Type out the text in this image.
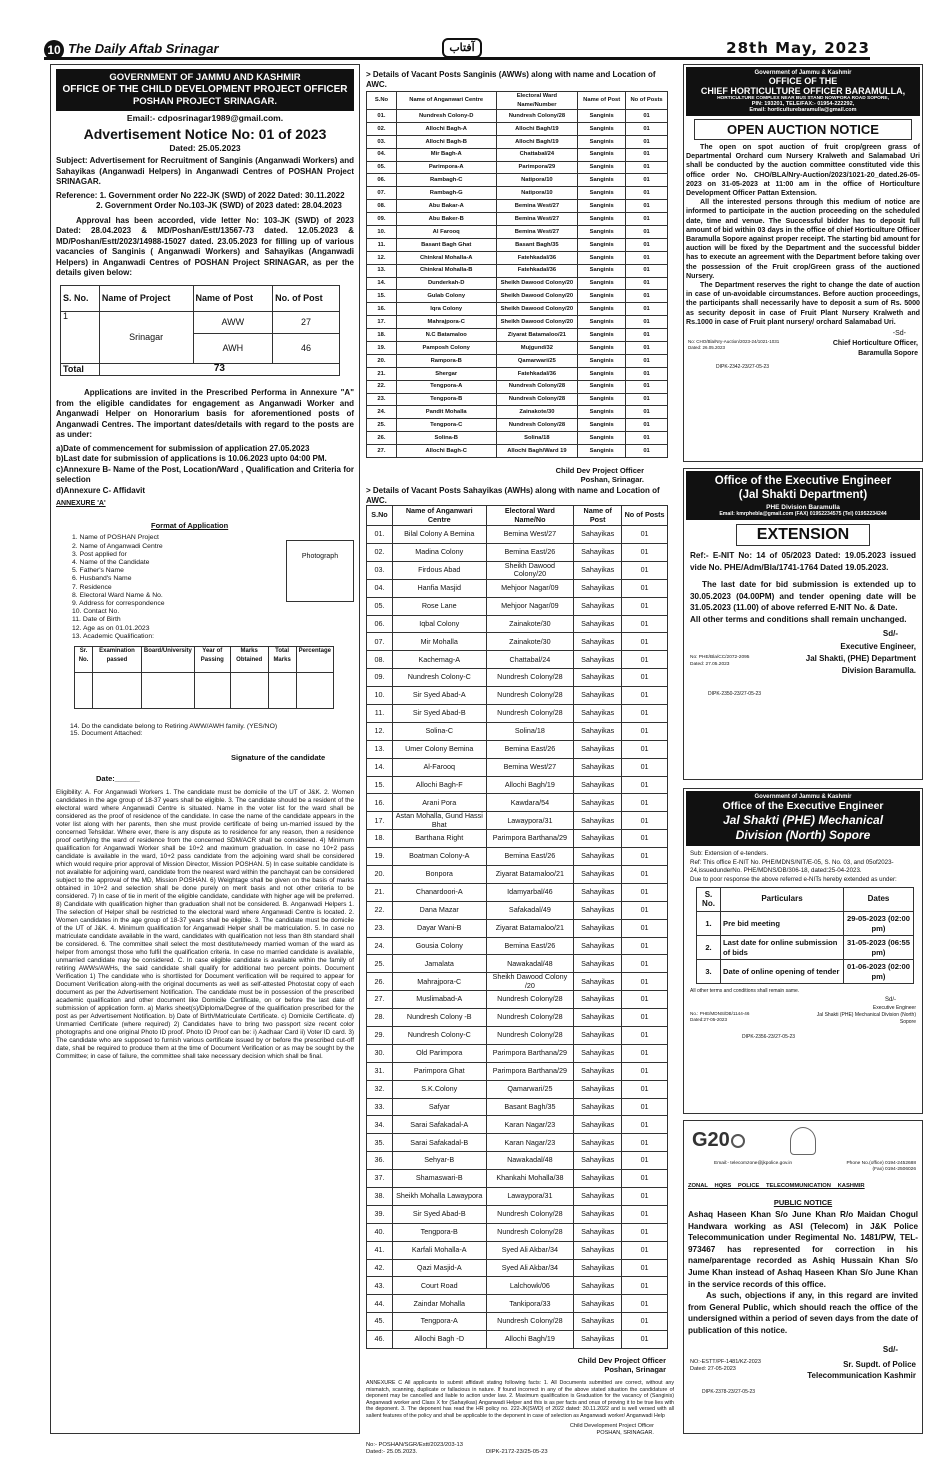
10 The Daily Aftab Srinagar	آفتاب	28th May, 2023
GOVERNMENT OF JAMMU AND KASHMIR
OFFICE OF THE CHILD DEVELOPMENT PROJECT OFFICER
POSHAN PROJECT SRINAGAR.
Email:- cdposrinagar1989@gmail.com.
Advertisement Notice No: 01 of 2023
Dated: 25.05.2023
Subject: Advertisement for Recruitment of Sanginis (Anganwadi Workers) and Sahayikas (Anganwadi Helpers) in Anganwadi Centres of POSHAN Project SRINAGAR.
Reference: 1. Government order No 222-JK (SWD) of 2022 Dated: 30.11.2022
2. Government Order No.103-JK (SWD) of 2023 dated: 28.04.2023
Approval has been accorded, vide letter No: 103-JK (SWD) of 2023 Dated: 28.04.2023 & MD/Poshan/Estt/13567-73 dated. 12.05.2023 & MD/Poshan/Estt/2023/14988-15027 dated. 23.05.2023 for filling up of various vacancies of Sanginis ( Anganwadi Workers) and Sahayikas (Anganwadi Helpers) in Anganwadi Centres of POSHAN Project SRINAGAR, as per the details given below:
S. No.	Name of Project	Name of Post	No. of Post
1	Srinagar	AWW	27
		AWH	46
Total	73		
Applications are invited in the Prescribed Performa in Annexure "A" from the eligible candidates for engagement as Anganwadi Worker and Anganwadi Helper on Honorarium basis for aforementioned posts of Anganwadi Centres. The important dates/details with regard to the posts are as under:
a)Date of commencement for submission of application 27.05.2023
b)Last date for submission of applications is 10.06.2023 upto 04:00 PM.
c)Annexure B- Name of the Post, Location/Ward , Qualification and Criteria for selection
d)Annexure C- Affidavit
ANNEXURE 'A'
Format of Application
1. Name of POSHAN Project
2. Name of Anganwadi Centre
3. Post applied for
4. Name of the Candidate
5. Father's Name
6. Husband's Name
7. Residence
8. Electoral Ward Name & No.
9. Address for correspondence
10. Contact No.
11. Date of Birth
12. Age as on 01.01.2023
13. Academic Qualification:
Photograph
Sr. No.	Examination passed	Board/University	Year of Passing	Marks Obtained	Total Marks	Percentage

14. Do the candidate belong to Retiring AWW/AWH family. (YES/NO)
15. Document Attached:
Signature of the candidate
Date:______
Eligibility: A. For Anganwadi Workers 1. The candidate must be domicile of the UT of J&K. 2. Women candidates in the age group of 18-37 years shall be eligible. 3. The candidate should be a resident of the electoral ward where Anganwadi Centre is situated. Name in the voter list for the ward shall be considered as the proof of residence of the candidate. In case the name of the candidate appears in the voter list along with her parents, then she must provide certificate of being un-married issued by the concerned Tehsildar. Where ever, there is any dispute as to residence for any reason, then a residence proof certifying the ward of residence from the concerned SDM/ACR shall be considered. 4) Minimum qualification for Anganwadi Worker shall be 10+2 and maximum graduation. In case no 10+2 pass candidate is available in the ward, 10+2 pass candidate from the adjoining ward shall be considered which would require prior approval of Mission Director, Mission POSHAN. 5) In case suitable candidate is not available for adjoining ward, candidate from the nearest ward within the panchayat can be considered subject to the approval of the MD, Mission POSHAN. 6) Weightage shall be given on the basis of marks obtained in 10+2 and selection shall be done purely on merit basis and not other criteria to be considered. 7) In case of tie in merit of the eligible candidate, candidate with higher age will be preferred. 8) Candidate with qualification higher than graduation shall not be considered. B. Anganwadi Helpers 1. The selection of Helper shall be restricted to the electoral ward where Anganwadi Centre is located. 2. Women candidates in the age group of 18-37 years shall be eligible. 3. The candidate must be domicile of the UT of J&K. 4. Minimum qualification for Anganwadi Helper shall be matriculation. 5. In case no matriculate candidate available in the ward, candidates with qualification not less than 8th standard shall be considered. 6. The committee shall select the most destitute/needy married woman of the ward as helper from amongst those who fulfil the qualification criteria. In case no married candidate is available, unmarried candidate may be considered. C. In case eligible candidate is available within the family of retiring AWWs/AWHs, the said candidate shall qualify for additional two percent points. Document Verification 1) The candidate who is shortlisted for Document verification will be required to appear for Document Verification along-with the original documents as well as self-attested Photostat copy of each document as per the Advertisement Notification. The candidate must be in possession of the prescribed academic qualification and other document like Domicile Certificate, on or before the last date of submission of application form. a) Marks sheet(s)/Diploma/Degree of the qualification prescribed for the post as per Advertisement Notification. b) Date of Birth/Matriculate Certificate. c) Domicile Certificate. d) Unmarried Certificate (where required) 2) Candidates have to bring two passport size recent color photographs and one original Photo ID proof. Photo ID Proof can be: i) Aadhaar Card ii) Voter ID card. 3) The candidate who are supposed to furnish various certificate issued by or before the prescribed cut-off date, shall be required to produce them at the time of Document Verification or as may be sought by the Committee; in case of failure, the committee shall take necessary decision which shall be final.
> Details of Vacant Posts Sanginis (AWWs) along with name and Location of AWC.
S.No	Name of Anganwari Centre	Electoral Ward Name/Number	Name of Post	No of Posts
01.	Nundresh Colony-D	Nundresh Colony/28	Sanginis	01
02.	Allochi Bagh-A	Allochi Bagh/19	Sanginis	01
03.	Allochi Bagh-B	Allochi Bagh/19	Sanginis	01
04.	Mir Bagh-A	Chattabal/24	Sanginis	01
05.	Parimpora-A	Parimpora/29	Sanginis	01
06.	Rambagh-C	Natipora/10	Sanginis	01
07.	Rambagh-G	Natipora/10	Sanginis	01
08.	Abu Bakar-A	Bemina West/27	Sanginis	01
09.	Abu Baker-B	Bemina West/27	Sanginis	01
10.	Al Farooq	Bemina West/27	Sanginis	01
11.	Basant Bagh Ghat	Basant Bagh/35	Sanginis	01
12.	Chinkral Mohalla-A	Fatehkadal/36	Sanginis	01
13.	Chinkral Mohalla-B	Fatehkadal/36	Sanginis	01
14.	Dunderkah-D	Sheikh Dawood Colony/20	Sanginis	01
15.	Gulab Colony	Sheikh Dawood Colony/20	Sanginis	01
16.	Iqra Colony	Sheikh Dawood Colony/20	Sanginis	01
17.	Mahrajpora-C	Sheikh Dawood Colony/20	Sanginis	01
18.	N.C Batamaloo	Ziyarat Batamaloo/21	Sanginis	01
19.	Pamposh Colony	Mujgund/32	Sanginis	01
20.	Rampora-B	Qamarwari/25	Sanginis	01
21.	Shergar	Fatehkadal/36	Sanginis	01
22.	Tengpora-A	Nundresh Colony/28	Sanginis	01
23.	Tengpora-B	Nundresh Colony/28	Sanginis	01
24.	Pandit Mohalla	Zainakote/30	Sanginis	01
25.	Tengpora-C	Nundresh Colony/28	Sanginis	01
26.	Solina-B	Solina/18	Sanginis	01
27.	Allochi Bagh-C	Allochi Bagh/Ward 19	Sanginis	01
Child Dev Project Officer
Poshan, Srinagar.
> Details of Vacant Posts Sahayikas (AWHs) along with name and Location of AWC.
S.No	Name of Anganwari Centre	Electoral Ward Name/No	Name of Post	No of Posts
01.	Bilal Colony A Bemina	Bemina West/27	Sahayikas	01
02.	Madina Colony	Bemina East/26	Sahayikas	01
03.	Firdous Abad	Sheikh Dawood Colony/20	Sahayikas	01
04.	Hanfia Masjid	Mehjoor Nagar/09	Sahayikas	01
05.	Rose Lane	Mehjoor Nagar/09	Sahayikas	01
06.	Iqbal Colony	Zainakote/30	Sahayikas	01
07.	Mir Mohalla	Zainakote/30	Sahayikas	01
08.	Kachemag-A	Chattabal/24	Sahayikas	01
09.	Nundresh Colony-C	Nundresh Colony/28	Sahayikas	01
10.	Sir Syed Abad-A	Nundresh Colony/28	Sahayikas	01
11.	Sir Syed Abad-B	Nundresh Colony/28	Sahayikas	01
12.	Solina-C	Solina/18	Sahayikas	01
13.	Umer Colony Bemina	Bemina East/26	Sahayikas	01
14.	Al-Farooq	Bemina West/27	Sahayikas	01
15.	Allochi Bagh-F	Allochi Bagh/19	Sahayikas	01
16.	Arani Pora	Kawdara/54	Sahayikas	01
17.	Astan Mohalla, Gund Hassi Bhat	Lawaypora/31	Sahayikas	01
18.	Barthana Right	Parimpora Barthana/29	Sahayikas	01
19.	Boatman Colony-A	Bemina East/26	Sahayikas	01
20.	Bonpora	Ziyarat Batamaloo/21	Sahayikas	01
21.	Chanardoori-A	Idamyarbal/46	Sahayikas	01
22.	Dana Mazar	Safakadal/49	Sahayikas	01
23.	Dayar Wani-B	Ziyarat Batamaloo/21	Sahayikas	01
24.	Gousia Colony	Bemina East/26	Sahayikas	01
25.	Jamalata	Nawakadal/48	Sahayikas	01
26.	Mahrajpora-C	Sheikh Dawood Colony /20	Sahayikas	01
27.	Muslimabad-A	Nundresh Colony/28	Sahayikas	01
28.	Nundresh Colony -B	Nundresh Colony/28	Sahayikas	01
29.	Nundresh Colony-C	Nundresh Colony/28	Sahayikas	01
30.	Old Parimpora	Parimpora Barthana/29	Sahayikas	01
31.	Parimpora Ghat	Parimpora Barthana/29	Sahayikas	01
32.	S.K.Colony	Qamarwari/25	Sahayikas	01
33.	Safyar	Basant Bagh/35	Sahayikas	01
34.	Sarai Safakadal-A	Karan Nagar/23	Sahayikas	01
35.	Sarai Safakadal-B	Karan Nagar/23	Sahayikas	01
36.	Sehyar-B	Nawakadal/48	Sahayikas	01
37.	Shamaswari-B	Khankahi Mohalla/38	Sahayikas	01
38.	Sheikh Mohalla Lawaypora	Lawaypora/31	Sahayikas	01
39.	Sir Syed Abad-B	Nundresh Colony/28	Sahayikas	01
40.	Tengpora-B	Nundresh Colony/28	Sahayikas	01
41.	Karfali Mohalla-A	Syed Ali Akbar/34	Sahayikas	01
42.	Qazi Masjid-A	Syed Ali Akbar/34	Sahayikas	01
43.	Court Road	Lalchowk/06	Sahayikas	01
44.	Zaindar Mohalla	Tankipora/33	Sahayikas	01
45.	Tengpora-A	Nundresh Colony/28	Sahayikas	01
46.	Allochi Bagh -D	Allochi Bagh/19	Sahayikas	01
Child Dev Project Officer
Poshan, Srinagar
ANNEXURE C All applicants to submit affidavit stating following facts: 1. All Documents submitted are correct, without any mismatch, scanning, duplicate or fallacious in nature. If found incorrect in any of the above stated situation the candidature of deponent may be cancelled and liable to action under law. 2. Maximum qualification is Graduation for the vacancy of (Sanginis) Anganwadi worker and Class X for (Sahayikas) Anganwadi Helper and this is as per facts and onus of proving it to be true lies with the deponent. 3. The deponent has read the HR policy no. 222-JK(SWD) of 2022 dated: 30.11.2022 and is well versed with all salient features of the policy and shall be applicable to the deponent in case of selection as Anganwadi worker/ Anganwadi Help
Child Development Project Officer
POSHAN, SRINAGAR.
No:- POSHAN/SGR/Estt/2023/203-13
Dated:- 25.05.2023.	DIPK-2172-23/25-05-23
Government of Jammu & Kashmir
OFFICE OF THE
CHIEF HORTICULTURE OFFICER BARAMULLA,
HORTICULTURE COMPLEX NEAR BUS STAND NOWPORA ROAD SOPORE,
PIN: 193201, TELE/FAX:- 01954-222292,
Email: horticulturebaramulla@gmail.com
OPEN AUCTION NOTICE
The open on spot auction of fruit crop/green grass of Departmental Orchard cum Nursery Kralweth and Salamabad Uri shall be conducted by the auction committee constituted vide this office order No. CHO/BLA/Nry-Auction/2023/1021-20_dated.26-05-2023 on 31-05-2023 at 11:00 am in the office of Horticulture Development Officer Pattan Extension.
All the interested persons through this medium of notice are informed to participate in the auction proceeding on the scheduled date, time and venue. The Successful bidder has to deposit full amount of bid within 03 days in the office of chief Horticulture Officer Baramulla Sopore against proper receipt. The starting bid amount for auction will be fixed by the Department and the successful bidder has to execute an agreement with the Department before taking over the possession of the Fruit crop/Green grass of the auctioned Nursery.
The Department reserves the right to change the date of auction in case of un-avoidable circumstances. Before auction proceedings, the participants shall necessarily have to deposit a sum of Rs. 5000 as security deposit in case of Fruit Plant Nursery Kralweth and Rs.1000 in case of Fruit plant nursery/ orchard Salamabad Uri.
-Sd-
No: CHO/Bla/Nry-Auction/2023-24/1021-1031
Dated: 26.05.2023
Chief Horticulture Officer,
Baramulla Sopore
DIPK-2342-23/27-05-23
Office of the Executive Engineer
(Jal Shakti Department)
PHE Division Baramulla
Email: kmrphebla@gmail.com (FAX) 01952234575 (Tel) 01952234244
EXTENSION
Ref:- E-NIT No: 14 of 05/2023 Dated: 19.05.2023 issued vide No. PHE/Adm/Bla/1741-1764 Dated 19.05.2023.
The last date for bid submission is extended up to 30.05.2023 (04.00PM) and tender opening date will be 31.05.2023 (11.00) of above referred E-NIT No. & Date.
All other terms and conditions shall remain unchanged.
Sd/-
No: PHE/Bla/CC/2072-2095
Dated: 27.05.2023
Executive Engineer,
Jal Shakti, (PHE) Department
Division Baramulla.
DIPK-2350-23/27-05-23
Government of Jammu & Kashmir
Office of the Executive Engineer
Jal Shakti (PHE) Mechanical
Division (North) Sopore
Sub: Extension of e-tenders.
Ref: This office E-NIT No. PHE/MDNS/NIT/E-05, S. No. 03, and 05of2023-24,issuedunderNo. PHE/MDNS/DB/306-18, dated:25-04-2023.
Due to poor response the above referred e-NITs hereby extended as under:
S. No.	Particulars	Dates
1.	Pre bid meeting	29-05-2023 (02:00 pm)
2.	Last date for online submission of bids	31-05-2023 (06:55 pm)
3.	Date of online opening of tender	01-06-2023 (02:00 pm)
All other terms and conditions shall remain same.
Sd/-
No.: PHE/MDNS/DB/1144-46
Dated:27-05-2023
Executive Engineer
Jal Shakti (PHE) Mechanical Division (North)
Sopore
DIPK-2356-23/27-05-23
G20
Email:- telecomzone@jkpolice.gov.in	Phone No.(office) 0194-2452688
(Fax) 0194-2506026
ZONAL HQRS POLICE TELECOMMUNICATION KASHMIR
PUBLIC NOTICE
Ashaq Haseen Khan S/o June Khan R/o Maidan Chogul Handwara working as ASI (Telecom) in J&K Police Telecommunication under Regimental No. 1481/PW, TEL-973467 has represented for correction in his name/parentage recorded as Ashiq Hussain Khan S/o Jume Khan instead of Ashaq Haseen Khan S/o June Khan in the service records of this office.
As such, objections if any, in this regard are invited from General Public, which should reach the office of the undersigned within a period of seven days from the date of publication of this notice.
Sd/-
NO:-ESTT/PF-1481/KZ-2023
Dated: 27-05-2023	Sr. Supdt. of Police
Telecommunication Kashmir
DIPK-2378-23/27-05-23
